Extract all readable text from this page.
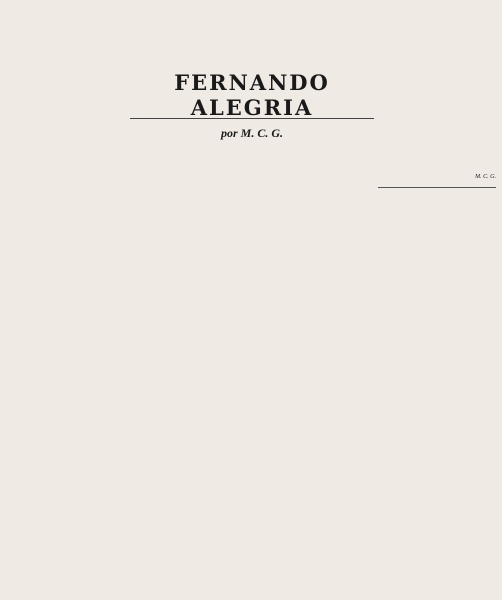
FERNANDO ALEGRIA
por M. C. G.
M. C. G.
